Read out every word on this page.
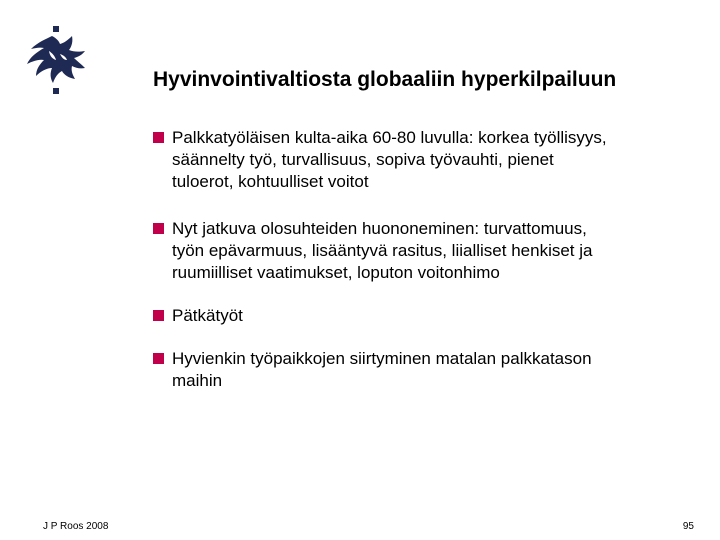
Hyvinvointivaltiosta globaaliin hyperkilpailuun
Palkkatyöläisen kulta-aika 60-80 luvulla: korkea työllisyys,
säännelty työ, turvallisuus, sopiva työvauhti, pienet
tuloerot, kohtuulliset voitot
Nyt jatkuva olosuhteiden huononeminen: turvattomuus,
työn epävarmuus, lisääntyvä rasitus, liialliset henkiset ja
ruumiilliset vaatimukset, loputon voitonhimo
Pätkätyöt
Hyvienkin työpaikkojen siirtyminen matalan palkkatason
maihin
J P Roos 2008	95
